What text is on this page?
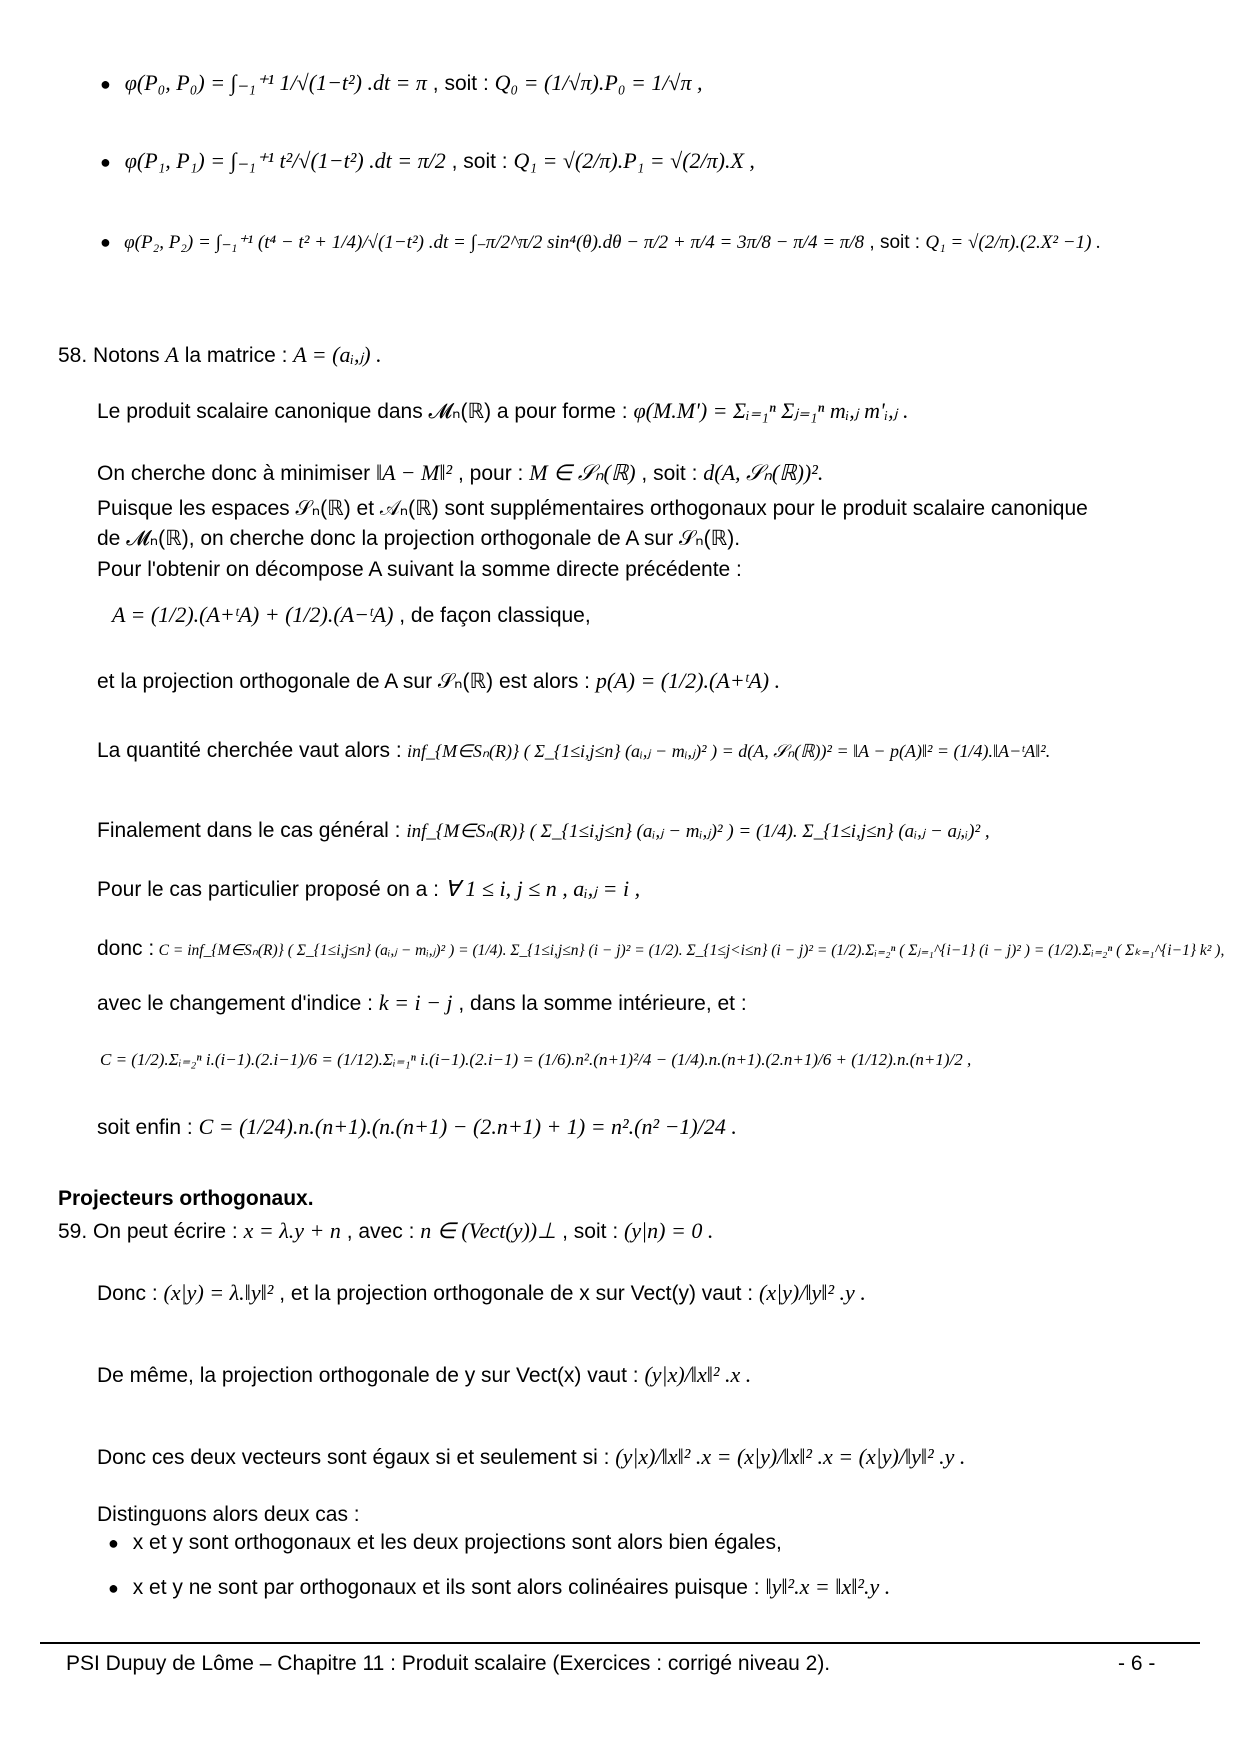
● φ(P₀, P₀) = ∫₋₁⁺¹ 1/√(1−t²) .dt = π , soit : Q₀ = (1/√π).P₀ = 1/√π ,
● φ(P₁, P₁) = ∫₋₁⁺¹ t²/√(1−t²) .dt = π/2 , soit : Q₁ = √(2/π).P₁ = √(2/π).X ,
● φ(P₂, P₂) = ∫₋₁⁺¹ (t⁴ − t² + 1/4)/√(1−t²) .dt = ∫₋π/2^π/2 sin⁴(θ).dθ − π/2 + π/4 = 3π/8 − π/4 = π/8 , soit : Q₁ = √(2/π).(2.X² −1) .
58. Notons A la matrice : A = (aᵢ,ⱼ) .
Le produit scalaire canonique dans 𝓜ₙ(ℝ) a pour forme : φ(M.M') = Σᵢ₌₁ⁿ Σⱼ₌₁ⁿ mᵢ,ⱼ m'ᵢ,ⱼ .
On cherche donc à minimiser ‖A − M‖² , pour : M ∈ 𝒮ₙ(ℝ) , soit : d(A, 𝒮ₙ(ℝ))².
Puisque les espaces 𝒮ₙ(ℝ) et 𝒜ₙ(ℝ) sont supplémentaires orthogonaux pour le produit scalaire canonique
de 𝓜ₙ(ℝ), on cherche donc la projection orthogonale de A sur 𝒮ₙ(ℝ).
Pour l'obtenir on décompose A suivant la somme directe précédente :
A = (1/2).(A+ᵗA) + (1/2).(A−ᵗA) , de façon classique,
et la projection orthogonale de A sur 𝒮ₙ(ℝ) est alors : p(A) = (1/2).(A+ᵗA) .
La quantité cherchée vaut alors : inf_{M∈Sₙ(R)} ( Σ_{1≤i,j≤n} (aᵢ,ⱼ − mᵢ,ⱼ)² ) = d(A, 𝒮ₙ(ℝ))² = ‖A − p(A)‖² = (1/4).‖A−ᵗA‖².
Finalement dans le cas général : inf_{M∈Sₙ(R)} ( Σ_{1≤i,j≤n} (aᵢ,ⱼ − mᵢ,ⱼ)² ) = (1/4). Σ_{1≤i,j≤n} (aᵢ,ⱼ − aⱼ,ᵢ)² ,
Pour le cas particulier proposé on a : ∀ 1 ≤ i, j ≤ n , aᵢ,ⱼ = i ,
donc : C = inf_{M∈Sₙ(R)} ( Σ_{1≤i,j≤n} (aᵢ,ⱼ − mᵢ,ⱼ)² ) = (1/4). Σ_{1≤i,j≤n} (i − j)² = (1/2). Σ_{1≤j<i≤n} (i − j)² = (1/2).Σᵢ₌₂ⁿ ( Σⱼ₌₁^{i−1} (i − j)² ) = (1/2).Σᵢ₌₂ⁿ ( Σₖ₌₁^{i−1} k² ),
avec le changement d'indice : k = i − j , dans la somme intérieure, et :
C = (1/2).Σᵢ₌₂ⁿ i.(i−1).(2.i−1)/6 = (1/12).Σᵢ₌₁ⁿ i.(i−1).(2.i−1) = (1/6).n².(n+1)²/4 − (1/4).n.(n+1).(2.n+1)/6 + (1/12).n.(n+1)/2 ,
soit enfin : C = (1/24).n.(n+1).(n.(n+1) − (2.n+1) + 1) = n².(n² −1)/24 .
Projecteurs orthogonaux.
59. On peut écrire : x = λ.y + n , avec : n ∈ (Vect(y))⊥ , soit : (y|n) = 0 .
Donc : (x|y) = λ.‖y‖² , et la projection orthogonale de x sur Vect(y) vaut : (x|y)/‖y‖² .y .
De même, la projection orthogonale de y sur Vect(x) vaut : (y|x)/‖x‖² .x .
Donc ces deux vecteurs sont égaux si et seulement si : (y|x)/‖x‖² .x = (x|y)/‖x‖² .x = (x|y)/‖y‖² .y .
Distinguons alors deux cas :
● x et y sont orthogonaux et les deux projections sont alors bien égales,
● x et y ne sont par orthogonaux et ils sont alors colinéaires puisque : ‖y‖².x = ‖x‖².y .
PSI Dupuy de Lôme – Chapitre 11 : Produit scalaire (Exercices : corrigé niveau 2).	- 6 -
